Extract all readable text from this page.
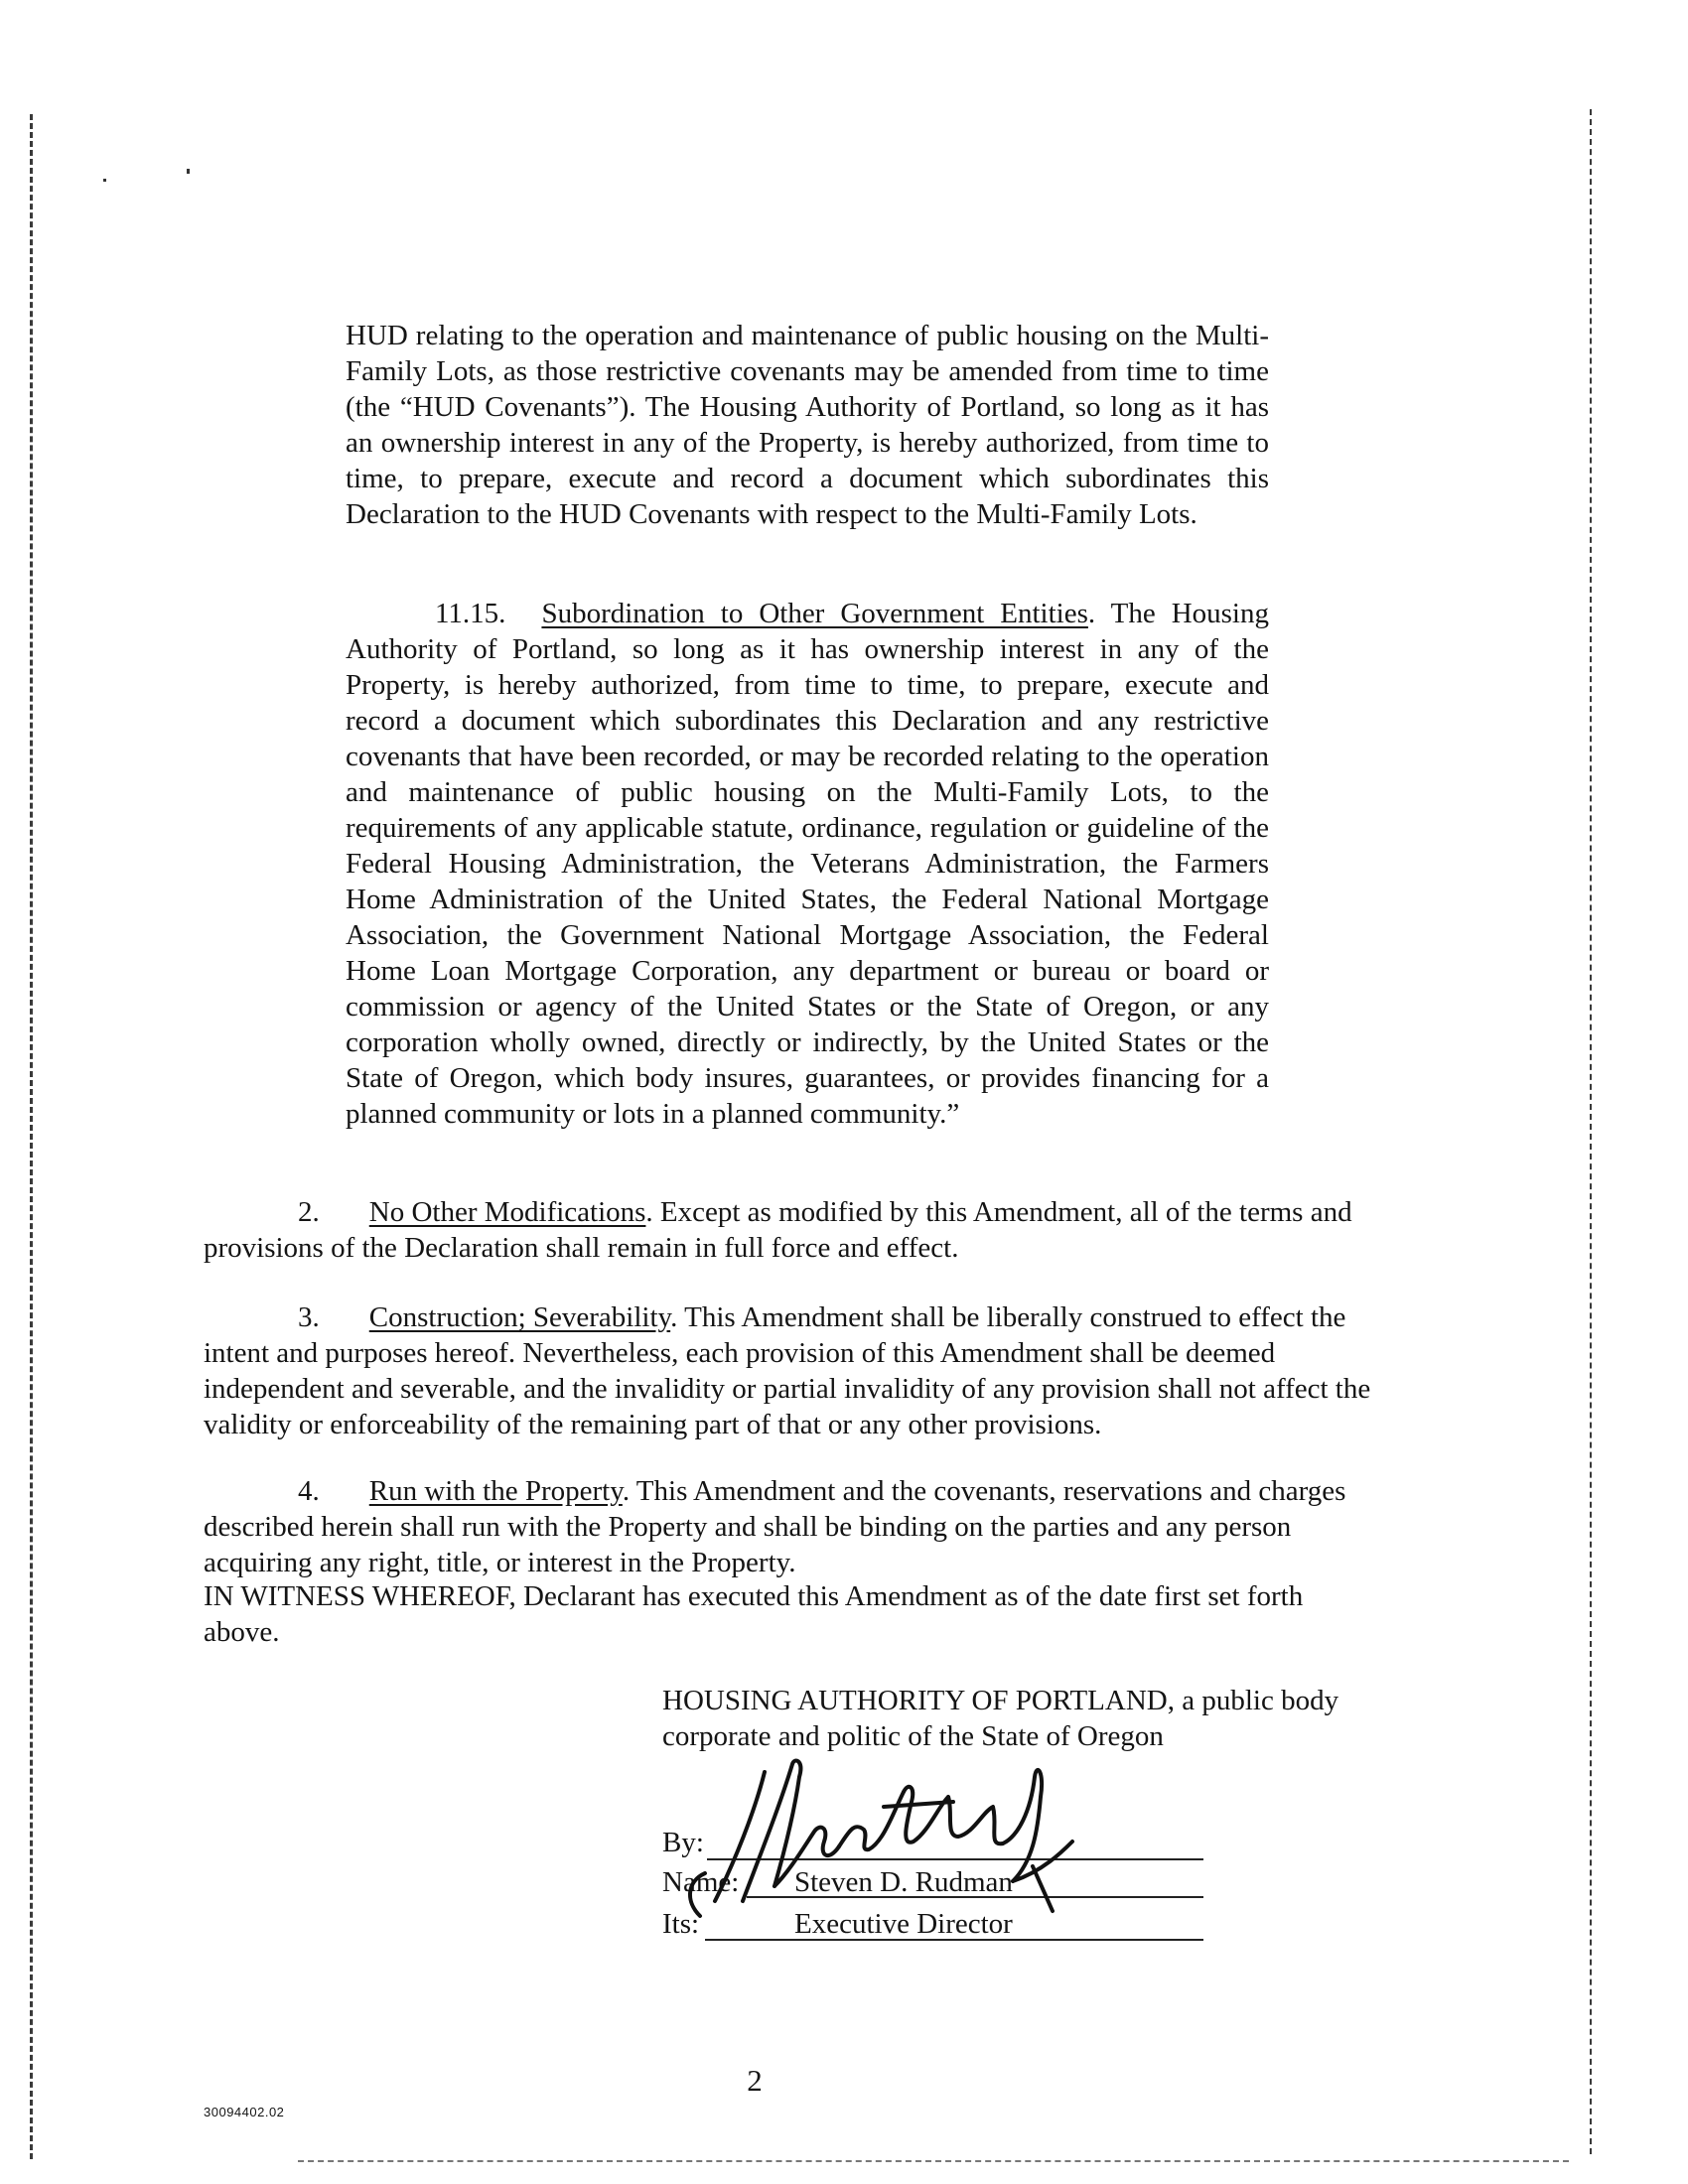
HUD relating to the operation and maintenance of public housing on the Multi-Family Lots, as those restrictive covenants may be amended from time to time (the “HUD Covenants”). The Housing Authority of Portland, so long as it has an ownership interest in any of the Property, is hereby authorized, from time to time, to prepare, execute and record a document which subordinates this Declaration to the HUD Covenants with respect to the Multi-Family Lots.
11.15. Subordination to Other Government Entities. The Housing Authority of Portland, so long as it has ownership interest in any of the Property, is hereby authorized, from time to time, to prepare, execute and record a document which subordinates this Declaration and any restrictive covenants that have been recorded, or may be recorded relating to the operation and maintenance of public housing on the Multi-Family Lots, to the requirements of any applicable statute, ordinance, regulation or guideline of the Federal Housing Administration, the Veterans Administration, the Farmers Home Administration of the United States, the Federal National Mortgage Association, the Government National Mortgage Association, the Federal Home Loan Mortgage Corporation, any department or bureau or board or commission or agency of the United States or the State of Oregon, or any corporation wholly owned, directly or indirectly, by the United States or the State of Oregon, which body insures, guarantees, or provides financing for a planned community or lots in a planned community.”
2. No Other Modifications. Except as modified by this Amendment, all of the terms and provisions of the Declaration shall remain in full force and effect.
3. Construction; Severability. This Amendment shall be liberally construed to effect the intent and purposes hereof. Nevertheless, each provision of this Amendment shall be deemed independent and severable, and the invalidity or partial invalidity of any provision shall not affect the validity or enforceability of the remaining part of that or any other provisions.
4. Run with the Property. This Amendment and the covenants, reservations and charges described herein shall run with the Property and shall be binding on the parties and any person acquiring any right, title, or interest in the Property.
IN WITNESS WHEREOF, Declarant has executed this Amendment as of the date first set forth above.
HOUSING AUTHORITY OF PORTLAND, a public body
corporate and politic of the State of Oregon
By:
Name: Steven D. Rudman
Its:	Executive Director
2
30094402.02
